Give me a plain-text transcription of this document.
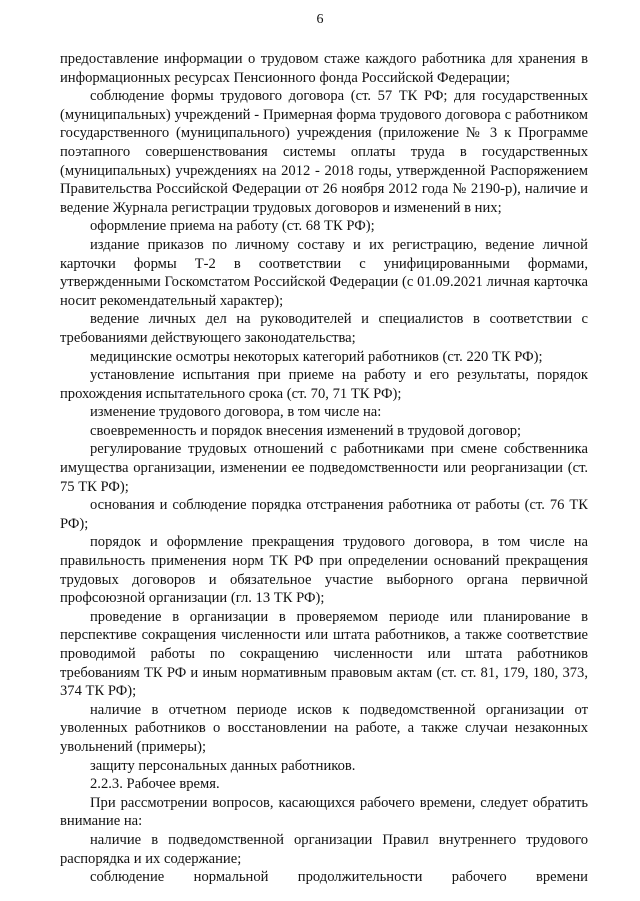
6

предоставление информации о трудовом стаже каждого работника для хранения в информационных ресурсах Пенсионного фонда Российской Федерации;

соблюдение формы трудового договора (ст. 57 ТК РФ; для государственных (муниципальных) учреждений - Примерная форма трудового договора с работником государственного (муниципального) учреждения (приложение № 3 к Программе поэтапного совершенствования системы оплаты труда в государственных (муниципальных) учреждениях на 2012 - 2018 годы, утвержденной Распоряжением Правительства Российской Федерации от 26 ноября 2012 года № 2190-р), наличие и ведение Журнала регистрации трудовых договоров и изменений в них;

оформление приема на работу (ст. 68 ТК РФ);

издание приказов по личному составу и их регистрацию, ведение личной карточки формы Т-2 в соответствии с унифицированными формами, утвержденными Госкомстатом Российской Федерации (с 01.09.2021 личная карточка носит рекомендательный характер);

ведение личных дел на руководителей и специалистов в соответствии с требованиями действующего законодательства;

медицинские осмотры некоторых категорий работников (ст. 220 ТК РФ);

установление испытания при приеме на работу и его результаты, порядок прохождения испытательного срока (ст. 70, 71 ТК РФ);

изменение трудового договора, в том числе на:

своевременность и порядок внесения изменений в трудовой договор;

регулирование трудовых отношений с работниками при смене собственника имущества организации, изменении ее подведомственности или реорганизации (ст. 75 ТК РФ);

основания и соблюдение порядка отстранения работника от работы (ст. 76 ТК РФ);

порядок и оформление прекращения трудового договора, в том числе на правильность применения норм ТК РФ при определении оснований прекращения трудовых договоров и обязательное участие выборного органа первичной профсоюзной организации (гл. 13 ТК РФ);

проведение в организации в проверяемом периоде или планирование в перспективе сокращения численности или штата работников, а также соответствие проводимой работы по сокращению численности или штата работников требованиям ТК РФ и иным нормативным правовым актам (ст. ст. 81, 179, 180, 373, 374 ТК РФ);

наличие в отчетном периоде исков к подведомственной организации от уволенных работников о восстановлении на работе, а также случаи незаконных увольнений (примеры);

защиту персональных данных работников.

2.2.3. Рабочее время.

При рассмотрении вопросов, касающихся рабочего времени, следует обратить внимание на:

наличие в подведомственной организации Правил внутреннего трудового распорядка и их содержание;

соблюдение нормальной продолжительности рабочего времени
